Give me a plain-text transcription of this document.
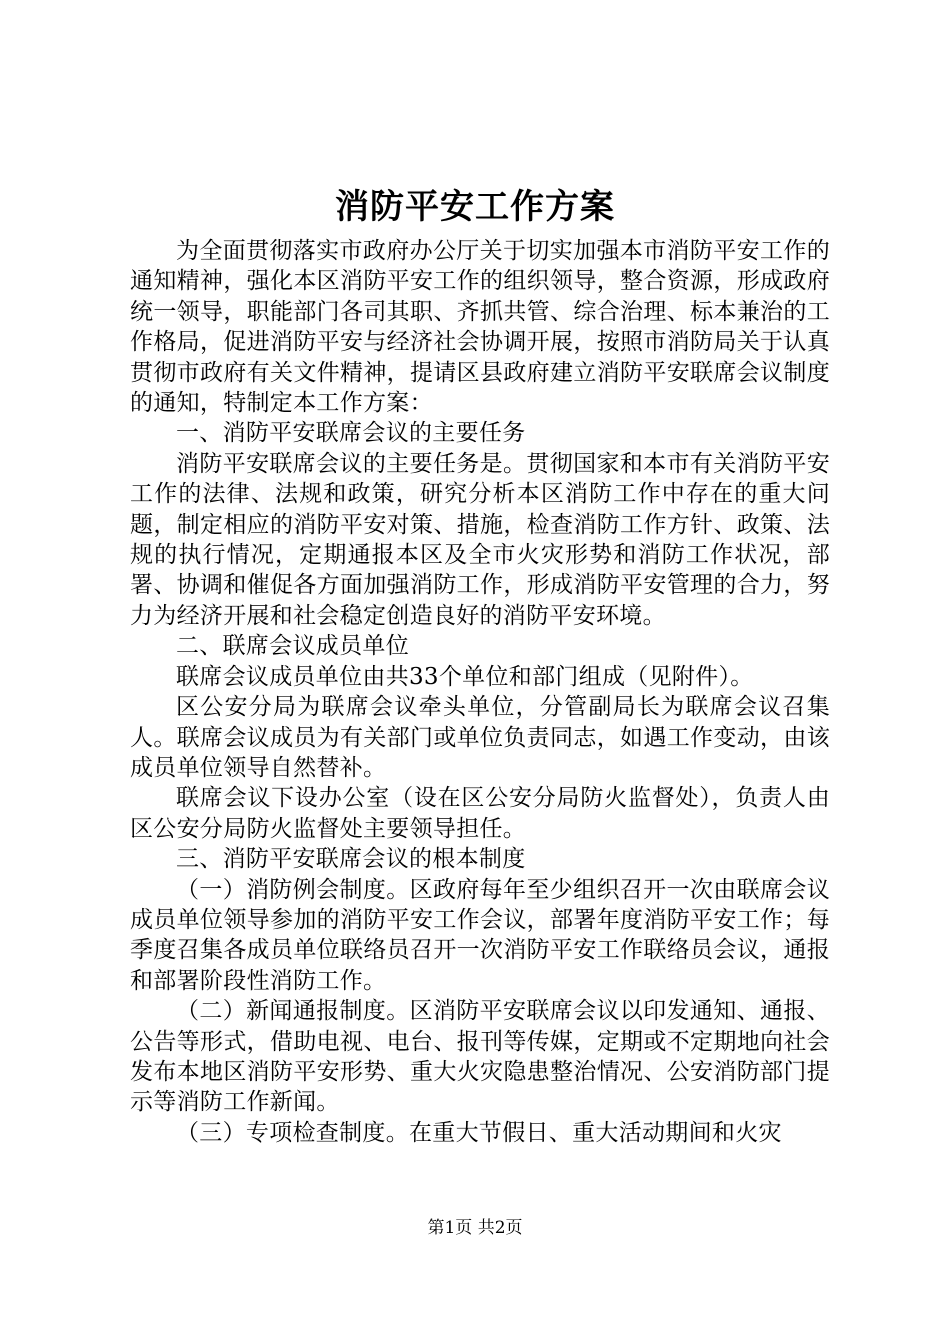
消防平安工作方案

为全面贯彻落实市政府办公厅关于切实加强本市消防平安工作的通知精神，强化本区消防平安工作的组织领导，整合资源，形成政府统一领导，职能部门各司其职、齐抓共管、综合治理、标本兼治的工作格局，促进消防平安与经济社会协调开展，按照市消防局关于认真贯彻市政府有关文件精神，提请区县政府建立消防平安联席会议制度的通知，特制定本工作方案：

一、消防平安联席会议的主要任务

消防平安联席会议的主要任务是。贯彻国家和本市有关消防平安工作的法律、法规和政策，研究分析本区消防工作中存在的重大问题，制定相应的消防平安对策、措施，检查消防工作方针、政策、法规的执行情况，定期通报本区及全市火灾形势和消防工作状况，部署、协调和催促各方面加强消防工作，形成消防平安管理的合力，努力为经济开展和社会稳定创造良好的消防平安环境。

二、联席会议成员单位

联席会议成员单位由共33个单位和部门组成（见附件）。

区公安分局为联席会议牵头单位，分管副局长为联席会议召集人。联席会议成员为有关部门或单位负责同志，如遇工作变动，由该成员单位领导自然替补。

联席会议下设办公室（设在区公安分局防火监督处），负责人由区公安分局防火监督处主要领导担任。

三、消防平安联席会议的根本制度

（一）消防例会制度。区政府每年至少组织召开一次由联席会议成员单位领导参加的消防平安工作会议，部署年度消防平安工作；每季度召集各成员单位联络员召开一次消防平安工作联络员会议，通报和部署阶段性消防工作。

（二）新闻通报制度。区消防平安联席会议以印发通知、通报、公告等形式，借助电视、电台、报刊等传媒，定期或不定期地向社会发布本地区消防平安形势、重大火灾隐患整治情况、公安消防部门提示等消防工作新闻。

（三）专项检查制度。在重大节假日、重大活动期间和火灾

第1页 共2页
